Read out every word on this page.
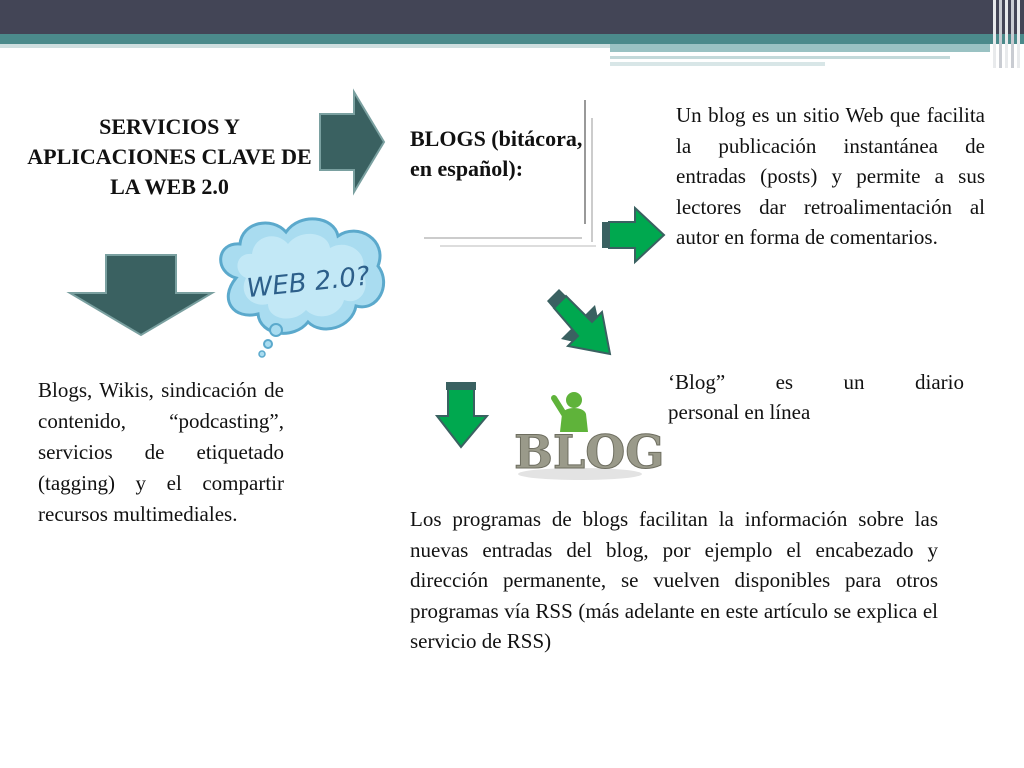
SERVICIOS Y APLICACIONES CLAVE DE LA WEB 2.0
BLOGS (bitácora, en español):
Un blog es un sitio Web que facilita la publicación instantánea de entradas (posts) y permite a sus lectores dar retroalimentación al autor en forma de comentarios.
WEB 2.0?
‘Blog” es un diario
personal en línea
BLOG
Blogs, Wikis, sindicación de contenido, “podcasting”, servicios de etiquetado (tagging) y el compartir recursos multimediales.	Los programas de blogs facilitan la información sobre las nuevas entradas del blog, por ejemplo el encabezado y dirección permanente, se vuelven disponibles para otros programas vía RSS (más adelante en este artículo se explica el servicio de RSS)
